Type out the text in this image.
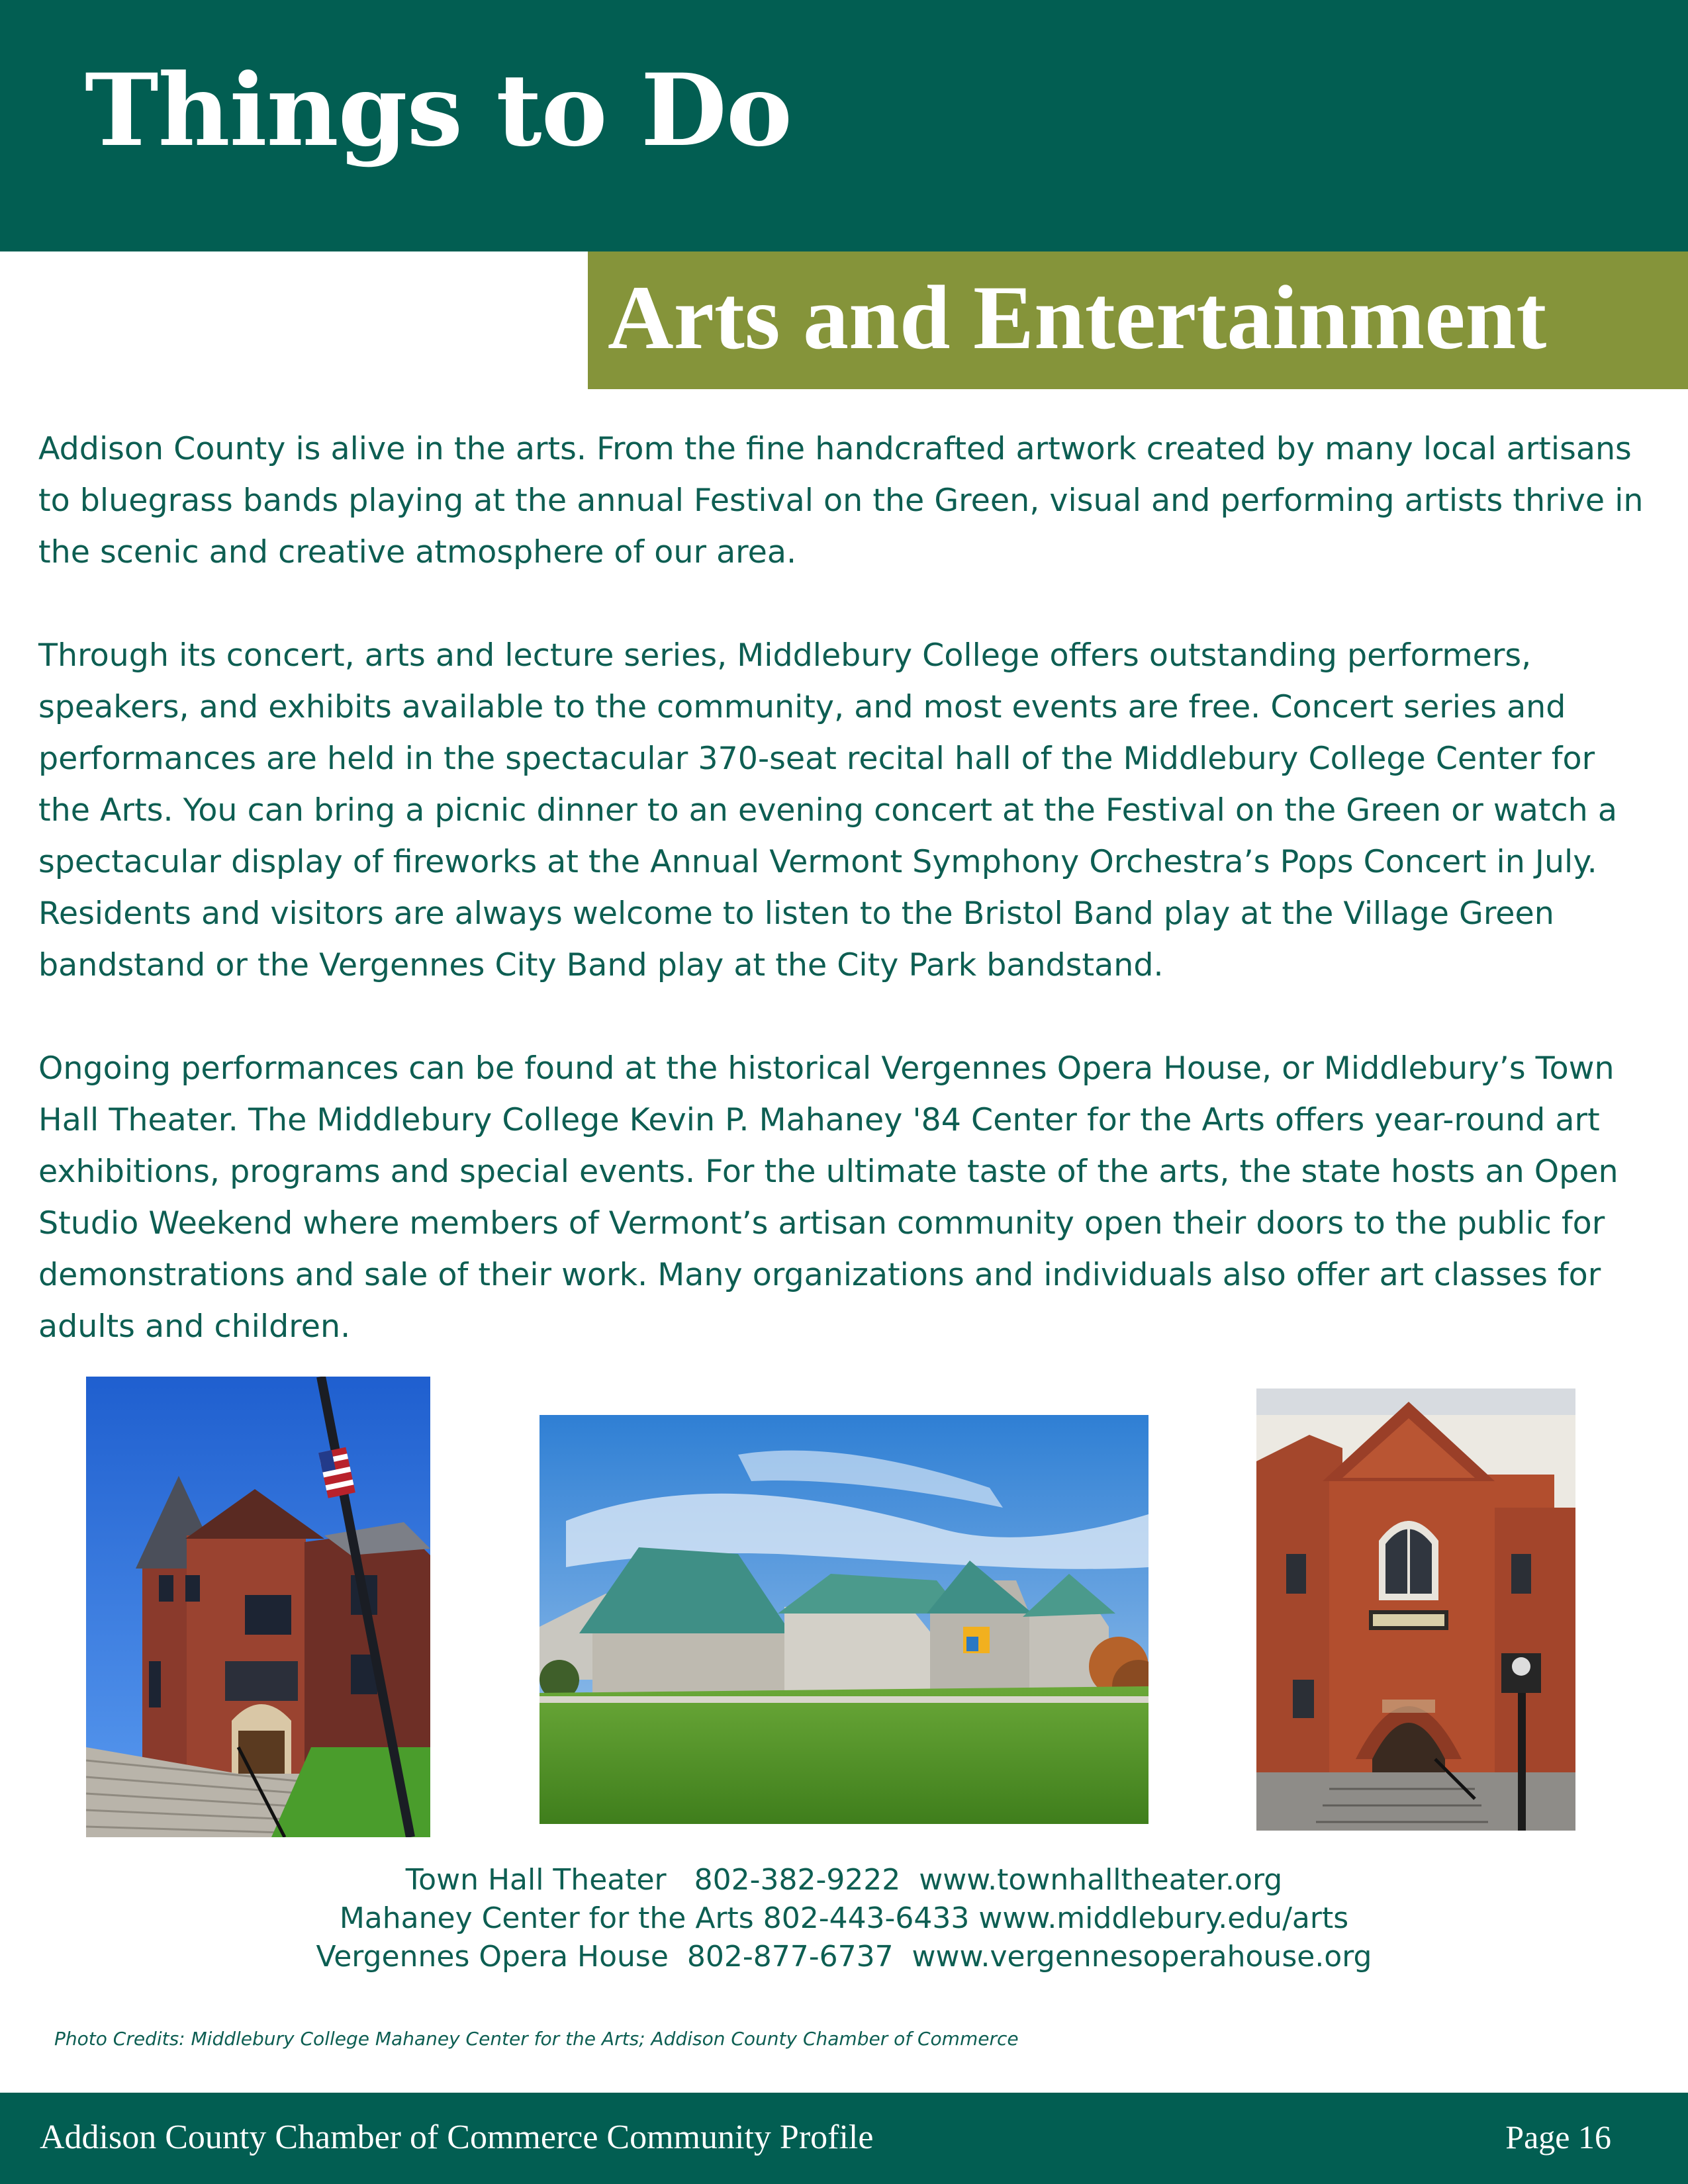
Things to Do
Arts and Entertainment

Addison County is alive in the arts. From the fine handcrafted artwork created by many local artisans to bluegrass bands playing at the annual Festival on the Green, visual and performing artists thrive in the scenic and creative atmosphere of our area.

Through its concert, arts and lecture series, Middlebury College offers outstanding performers, speakers, and exhibits available to the community, and most events are free. Concert series and performances are held in the spectacular 370-seat recital hall of the Middlebury College Center for the Arts. You can bring a picnic dinner to an evening concert at the Festival on the Green or watch a spectacular display of fireworks at the Annual Vermont Symphony Orchestra’s Pops Concert in July. Residents and visitors are always welcome to listen to the Bristol Band play at the Village Green bandstand or the Vergennes City Band play at the City Park bandstand.

Ongoing performances can be found at the historical Vergennes Opera House, or Middlebury’s Town Hall Theater. The Middlebury College Kevin P. Mahaney '84 Center for the Arts offers year-round art exhibitions, programs and special events. For the ultimate taste of the arts, the state hosts an Open Studio Weekend where members of Vermont’s artisan community open their doors to the public for demonstrations and sale of their work. Many organizations and individuals also offer art classes for adults and children.

Town Hall Theater   802-382-9222  www.townhalltheater.org
Mahaney Center for the Arts 802-443-6433 www.middlebury.edu/arts
Vergennes Opera House  802-877-6737  www.vergennesoperahouse.org
Photo Credits: Middlebury College Mahaney Center for the Arts; Addison County Chamber of Commerce
Addison County Chamber of Commerce Community Profile	Page 16
